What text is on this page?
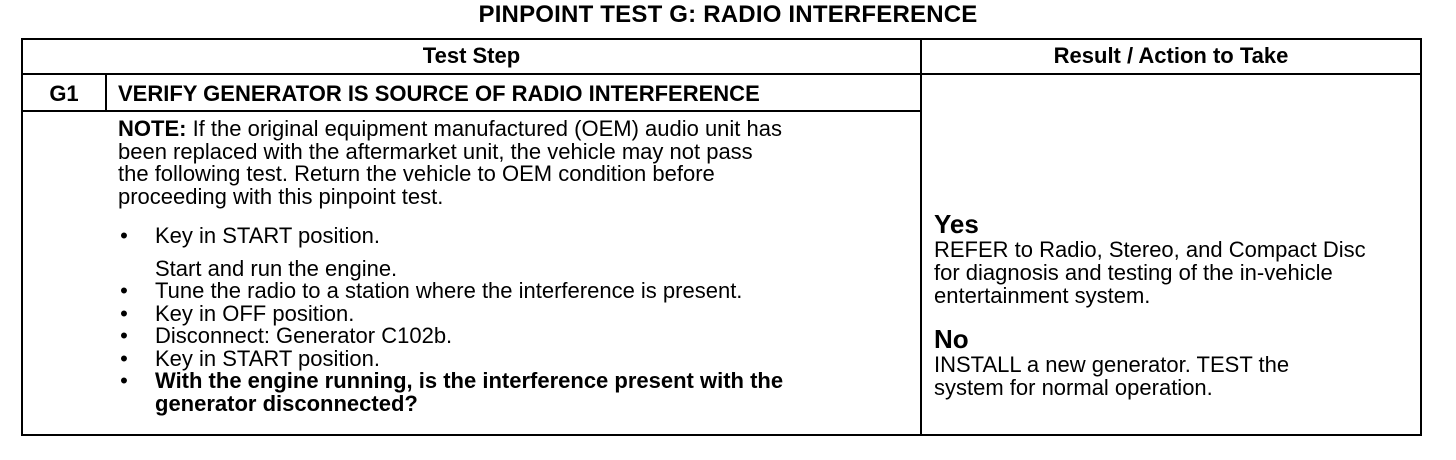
PINPOINT TEST G: RADIO INTERFERENCE
Test Step	Result / Action to Take
G1	VERIFY GENERATOR IS SOURCE OF RADIO INTERFERENCE
NOTE: If the original equipment manufactured (OEM) audio unit has
been replaced with the aftermarket unit, the vehicle may not pass
the following test. Return the vehicle to OEM condition before
proceeding with this pinpoint test.
• Key in START position.
Start and run the engine.
• Tune the radio to a station where the interference is present.
• Key in OFF position.
• Disconnect: Generator C102b.
• Key in START position.
• With the engine running, is the interference present with the
generator disconnected?
Yes
REFER to Radio, Stereo, and Compact Disc
for diagnosis and testing of the in-vehicle
entertainment system.
No
INSTALL a new generator. TEST the
system for normal operation.
